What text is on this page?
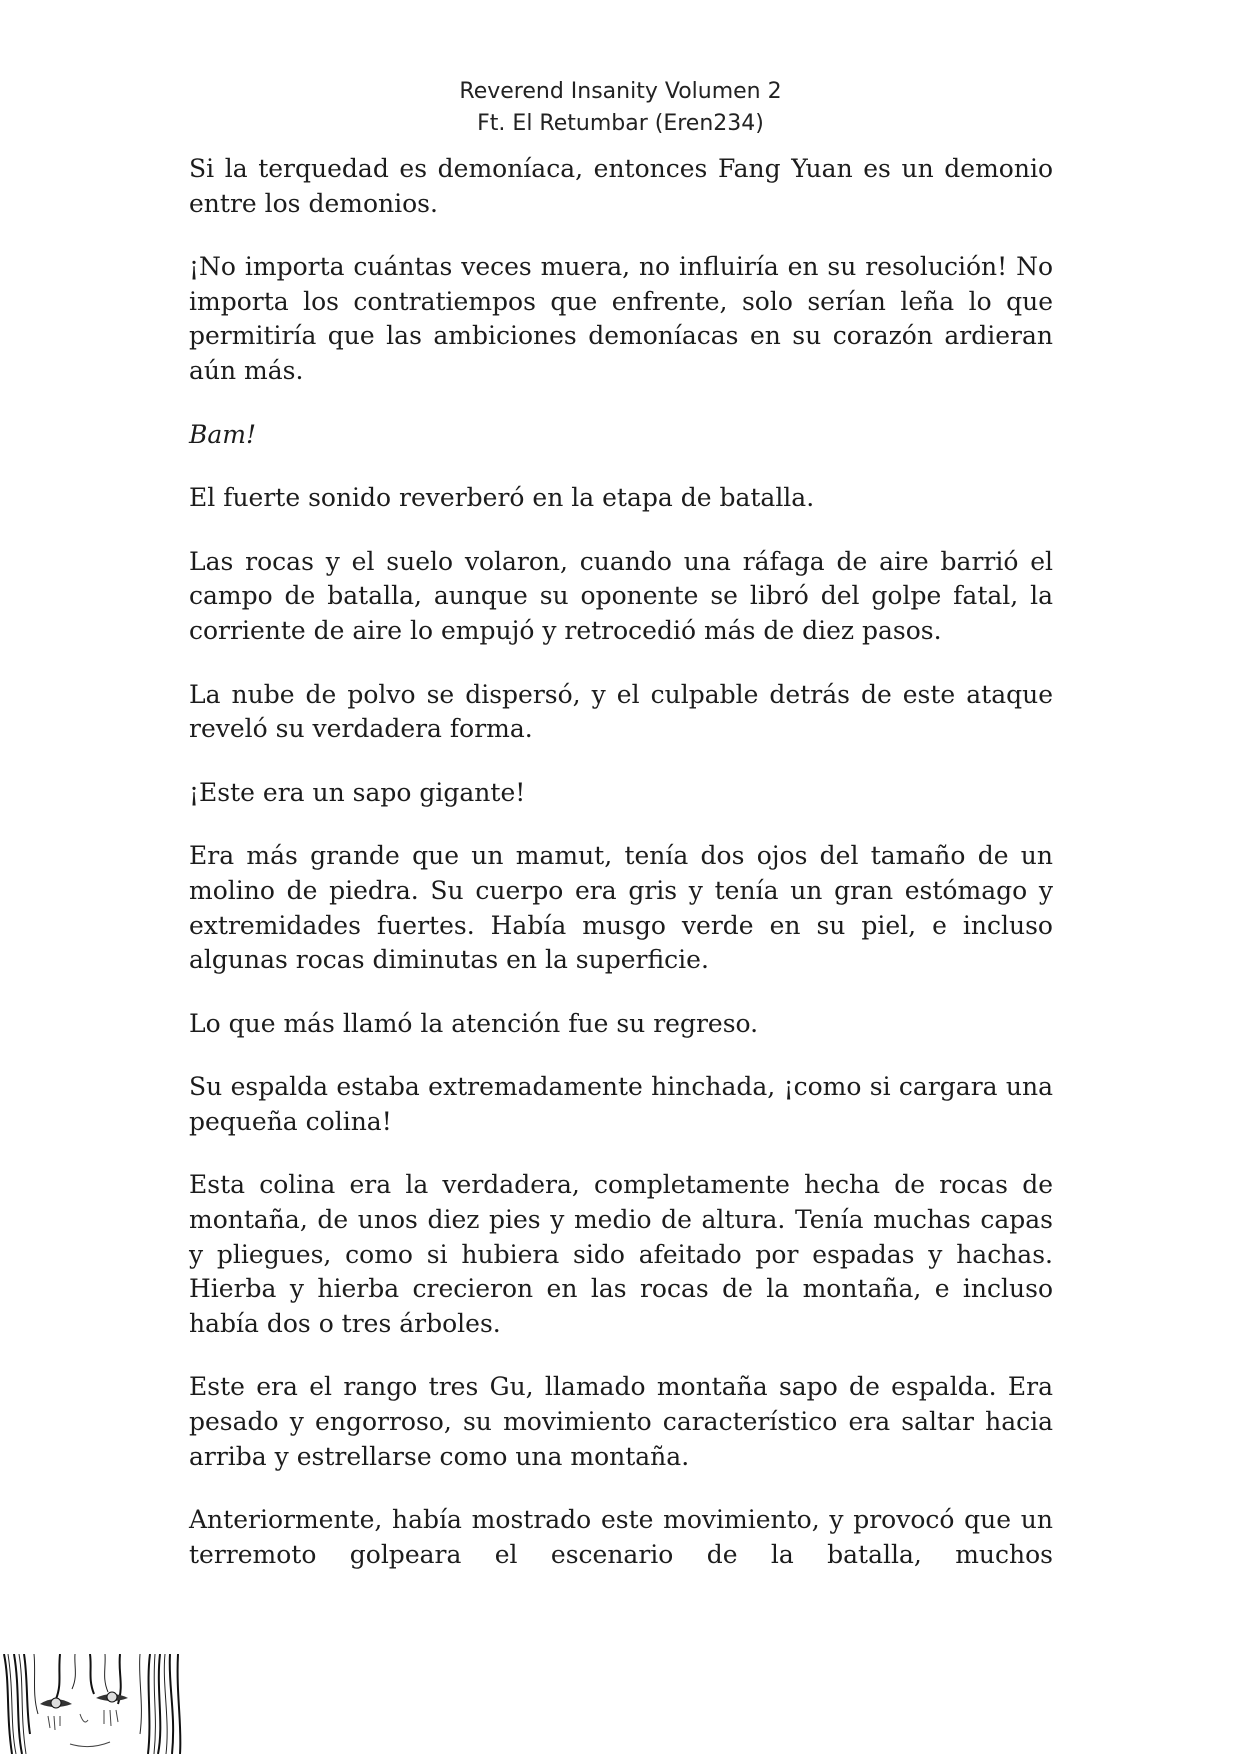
Reverend Insanity Volumen 2
Ft. El Retumbar (Eren234)

Si la terquedad es demoníaca, entonces Fang Yuan es un demonio entre los demonios.

¡No importa cuántas veces muera, no influiría en su resolución! No importa los contratiempos que enfrente, solo serían leña lo que permitiría que las ambiciones demoníacas en su corazón ardieran aún más.

Bam!

El fuerte sonido reverberó en la etapa de batalla.

Las rocas y el suelo volaron, cuando una ráfaga de aire barrió el campo de batalla, aunque su oponente se libró del golpe fatal, la corriente de aire lo empujó y retrocedió más de diez pasos.

La nube de polvo se dispersó, y el culpable detrás de este ataque reveló su verdadera forma.

¡Este era un sapo gigante!

Era más grande que un mamut, tenía dos ojos del tamaño de un molino de piedra. Su cuerpo era gris y tenía un gran estómago y extremidades fuertes. Había musgo verde en su piel, e incluso algunas rocas diminutas en la superficie.

Lo que más llamó la atención fue su regreso.

Su espalda estaba extremadamente hinchada, ¡como si cargara una pequeña colina!

Esta colina era la verdadera, completamente hecha de rocas de montaña, de unos diez pies y medio de altura. Tenía muchas capas y pliegues, como si hubiera sido afeitado por espadas y hachas. Hierba y hierba crecieron en las rocas de la montaña, e incluso había dos o tres árboles.

Este era el rango tres Gu, llamado montaña sapo de espalda. Era pesado y engorroso, su movimiento característico era saltar hacia arriba y estrellarse como una montaña.

Anteriormente, había mostrado este movimiento, y provocó que un terremoto golpeara el escenario de la batalla, muchos
